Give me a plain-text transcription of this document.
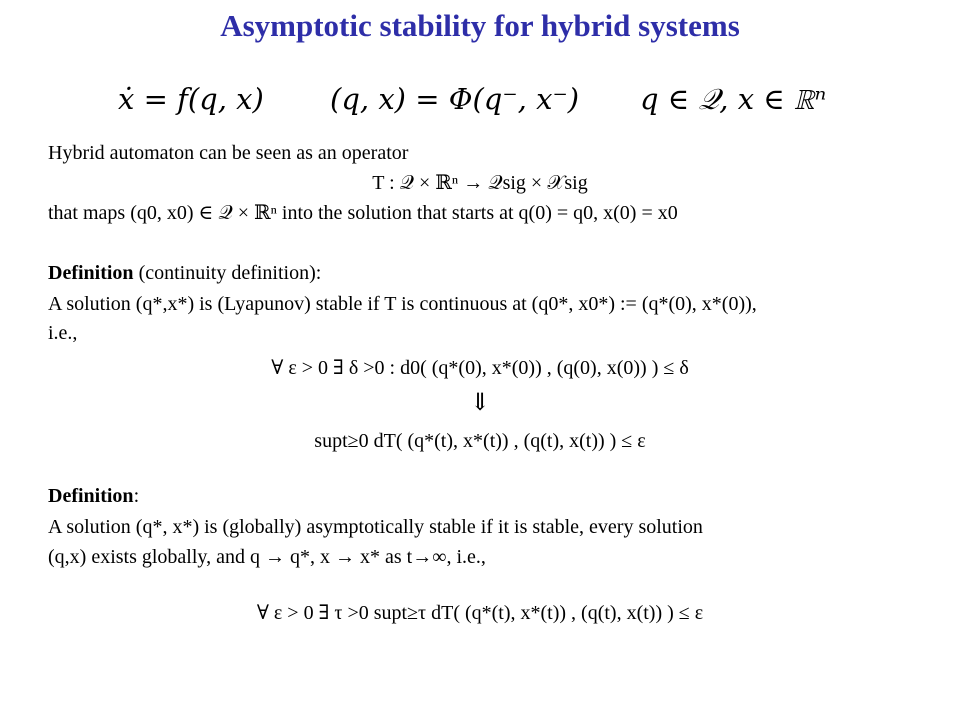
Asymptotic stability for hybrid systems
ẋ = f(q, x) (q, x) = Φ(q⁻, x⁻) q ∈ 𝒬, x ∈ ℝⁿ
Hybrid automaton can be seen as an operator
T : 𝒬 × ℝⁿ → 𝒬sig × 𝒳sig
that maps (q0, x0) ∈ 𝒬 × ℝⁿ into the solution that starts at q(0) = q0, x(0) = x0
Definition (continuity definition):
A solution (q*,x*) is (Lyapunov) stable if T is continuous at (q0*, x0*) := (q*(0), x*(0)),
i.e.,
∀ ε > 0 ∃ δ >0 : d0( (q*(0), x*(0)) , (q(0), x(0)) ) ≤ δ
⇓
supt≥0 dT( (q*(t), x*(t)) , (q(t), x(t)) ) ≤ ε
Definition:
A solution (q*, x*) is (globally) asymptotically stable if it is stable, every solution
(q,x) exists globally, and q → q*, x → x* as t→∞, i.e.,
∀ ε > 0 ∃ τ >0 supt≥τ dT( (q*(t), x*(t)) , (q(t), x(t)) ) ≤ ε
